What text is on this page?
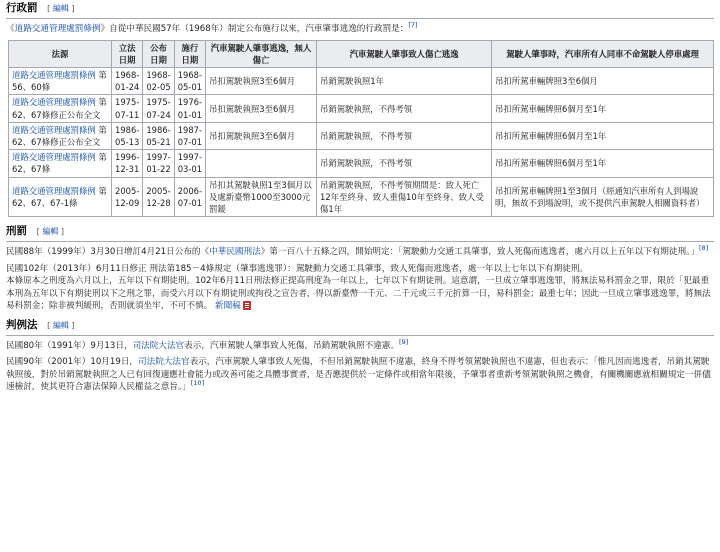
行政罰 [ 編輯 ]

《道路交通管理處罰條例》自從中華民國57年（1968年）制定公布施行以來，汽車肇事逃逸的行政罰是：[7]

法源	立法日期	公布日期	施行日期	汽車駕駛人肇事逃逸，無人傷亡	汽車駕駛人肇事致人傷亡逃逸	駕駛人肇事時，汽車所有人同車不命駕駛人停車處理
道路交通管理處罰條例 第56、60條	1968-01-24	1968-02-05	1968-05-01	吊扣駕駛執照3至6個月	吊銷駕駛執照1年	吊扣所駕車輛牌照3至6個月
道路交通管理處罰條例 第62、67條修正公布全文	1975-07-11	1975-07-24	1976-01-01	吊扣駕駛執照3至6個月	吊銷駕駛執照，不得考領	吊扣所駕車輛牌照6個月至1年
道路交通管理處罰條例 第62、67條修正公布全文	1986-05-13	1986-05-21	1987-07-01	吊扣駕駛執照3至6個月	吊銷駕駛執照，不得考領	吊扣所駕車輛牌照6個月至1年
道路交通管理處罰條例 第62、67條	1996-12-31	1997-01-22	1997-03-01		吊銷駕駛執照，不得考領	吊扣所駕車輛牌照6個月至1年
道路交通管理處罰條例 第62、67、67-1條	2005-12-09	2005-12-28	2006-07-01	吊扣其駕駛執照1至3個月以及處新臺幣1000至3000元罰鍰	吊銷駕駛執照，不得考領期間是：致人死亡12年至終身、致人重傷10年至終身、致人受傷1年	吊扣所駕車輛牌照1至3個月（經通知汽車所有人到場說明，無故不到場說明，或不提供汽車駕駛人相關資料者）
刑罰 [ 編輯 ]

民國88年（1999年）3月30日增訂4月21日公布的《中華民國刑法》第一百八十五條之四，開始明定：「駕駛動力交通工具肇事，致人死傷而逃逸者，處六月以上五年以下有期徒刑。」[8]

民國102年（2013年）6月11日修正 刑法第185－4條規定（肇事逃逸罪）：駕駛動力交通工具肇事，致人死傷而逃逸者，處一年以上七年以下有期徒刑。
本條原本之刑度為六月以上，五年以下有期徒刑。102年6月11日刑法修正提高刑度為一年以上，七年以下有期徒刑。這意謂，一旦成立肇事逃逸罪，將無法易科罰金之罪，限於「犯最重本刑為五年以下有期徒刑以下之刑之罪，而受六月以下有期徒刑或拘役之宣告者，得以新臺幣一千元、二千元或三千元折算一日，易科罰金；最重七年；因此一旦成立肇事逃逸罪，將無法易科罰金；除非被判緩刑，否則就須坐牢，不可不慎。 新聞稿

判例法 [ 編輯 ]

民國80年（1991年）9月13日，司法院大法官表示，汽車駕駛人肇事致人死傷，吊銷駕駛執照不違憲。[9]

民國90年（2001年）10月19日，司法院大法官表示，汽車駕駛人肇事致人死傷，不但吊銷駕駛執照不違憲，終身不得考領駕駛執照也不違憲，但也表示：「惟凡因而逃逸者，吊銷其駕駛執照後，對於吊銷駕駛執照之人已有回復適應社會能力或改善可能之具體事實者，是否應提供於一定條件或相當年限後，予肇事者重新考領駕駛執照之機會，有關機關應就相關規定一併儘速檢討，使其更符合憲法保障人民權益之意旨。」[10]
